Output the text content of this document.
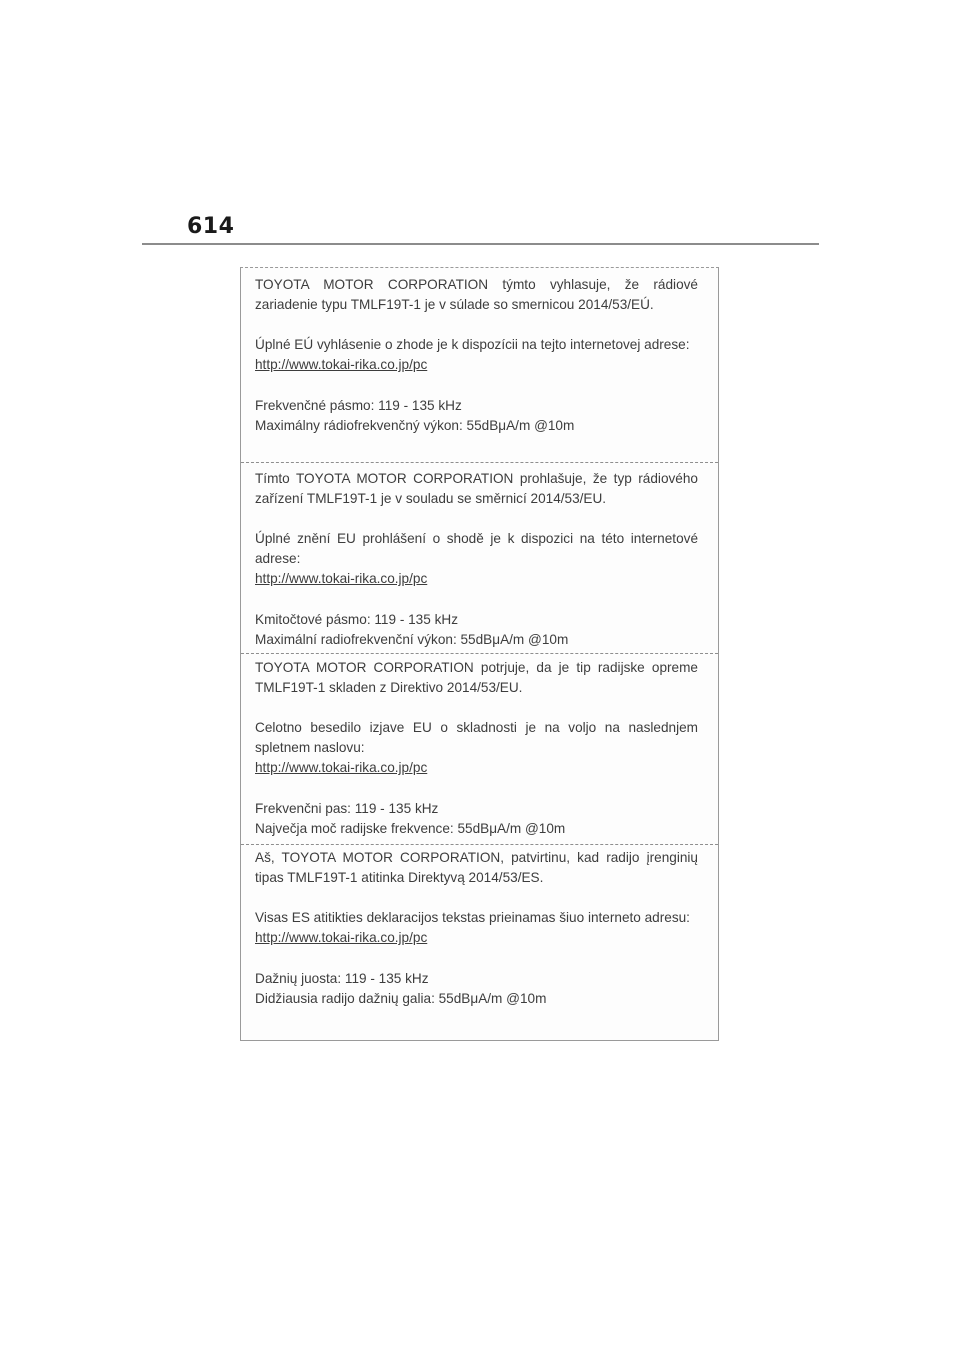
614

TOYOTA MOTOR CORPORATION týmto vyhlasuje, že rádiové zariadenie typu TMLF19T-1 je v súlade so smernicou 2014/53/EÚ.

Úplné EÚ vyhlásenie o zhode je k dispozícii na tejto internetovej adrese:

http://www.tokai-rika.co.jp/pc
Frekvenčné pásmo: 119 - 135 kHz
Maximálny rádiofrekvenčný výkon: 55dBμA/m @10m

Tímto TOYOTA MOTOR CORPORATION prohlašuje, že typ rádiového zařízení TMLF19T-1 je v souladu se směrnicí 2014/53/EU.

Úplné znění EU prohlášení o shodě je k dispozici na této internetové adrese:

http://www.tokai-rika.co.jp/pc
Kmitočtové pásmo: 119 - 135 kHz
Maximální radiofrekvenční výkon: 55dBμA/m @10m

TOYOTA MOTOR CORPORATION potrjuje, da je tip radijske opreme TMLF19T-1 skladen z Direktivo 2014/53/EU.

Celotno besedilo izjave EU o skladnosti je na voljo na naslednjem spletnem naslovu:

http://www.tokai-rika.co.jp/pc
Frekvenčni pas: 119 - 135 kHz
Največja moč radijske frekvence: 55dBμA/m @10m

Aš, TOYOTA MOTOR CORPORATION, patvirtinu, kad radijo įrenginių tipas TMLF19T-1 atitinka Direktyvą 2014/53/ES.

Visas ES atitikties deklaracijos tekstas prieinamas šiuo interneto adresu:

http://www.tokai-rika.co.jp/pc
Dažnių juosta: 119 - 135 kHz
Didžiausia radijo dažnių galia: 55dBμA/m @10m
